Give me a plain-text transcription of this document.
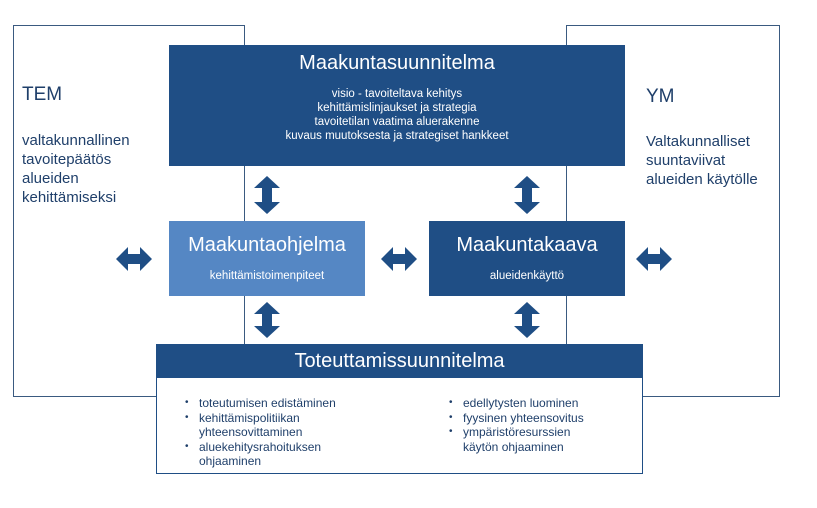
TEM
valtakunnallinen
tavoitepäätös
alueiden
kehittämiseksi
YM
Valtakunnalliset
suuntaviivat
alueiden käytölle
Maakuntasuunnitelma
visio - tavoiteltava kehitys
kehittämislinjaukset ja strategia
tavoitetilan vaatima aluerakenne
kuvaus muutoksesta ja strategiset hankkeet
Maakuntaohjelma
kehittämistoimenpiteet
Maakuntakaava
alueidenkäyttö
Toteuttamissuunnitelma
• toteutumisen edistäminen
• kehittämispolitiikan
yhteensovittaminen
• aluekehitysrahoituksen
ohjaaminen
• edellytysten luominen
• fyysinen yhteensovitus
• ympäristöresurssien
käytön ohjaaminen
